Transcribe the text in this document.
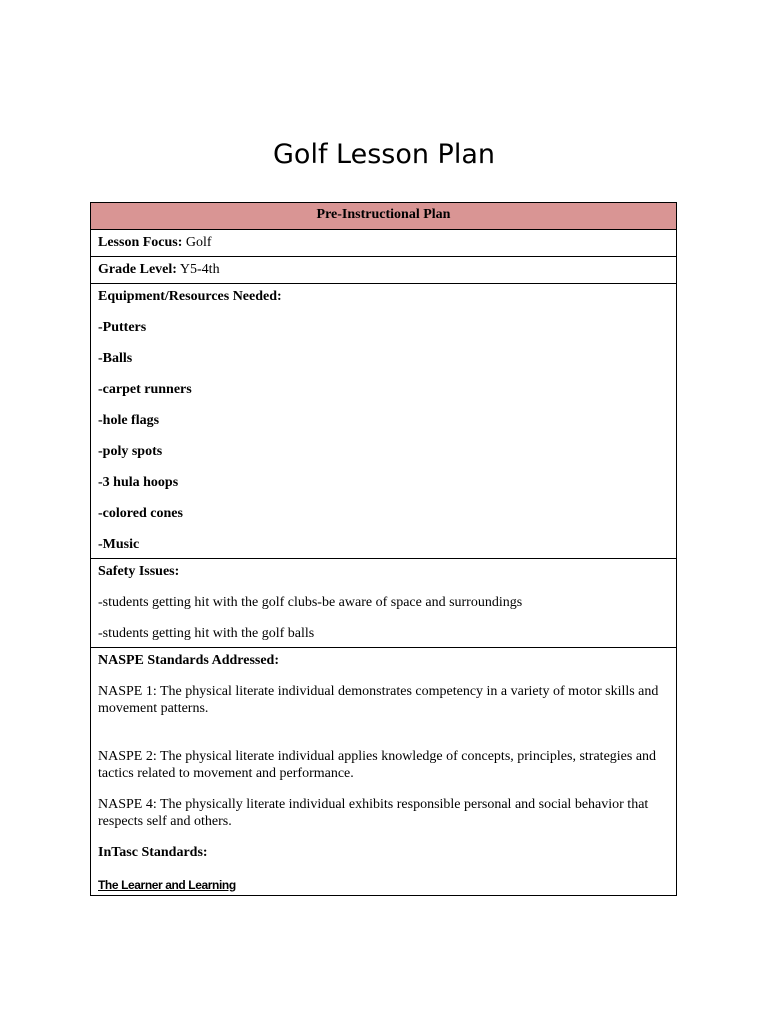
Golf Lesson Plan
Pre-Instructional Plan
Lesson Focus: Golf
Grade Level: Y5-4th

Equipment/Resources Needed:

-Putters

-Balls

-carpet runners

-hole flags

-poly spots

-3 hula hoops

-colored cones

-Music

Safety Issues:

-students getting hit with the golf clubs-be aware of space and surroundings

-students getting hit with the golf balls

NASPE Standards Addressed:

NASPE 1: The physical literate individual demonstrates competency in a variety of motor skills and movement patterns.

NASPE 2: The physical literate individual applies knowledge of concepts, principles, strategies and tactics related to movement and performance.

NASPE 4: The physically literate individual exhibits responsible personal and social behavior that respects self and others.

InTasc Standards:

The Learner and Learning
